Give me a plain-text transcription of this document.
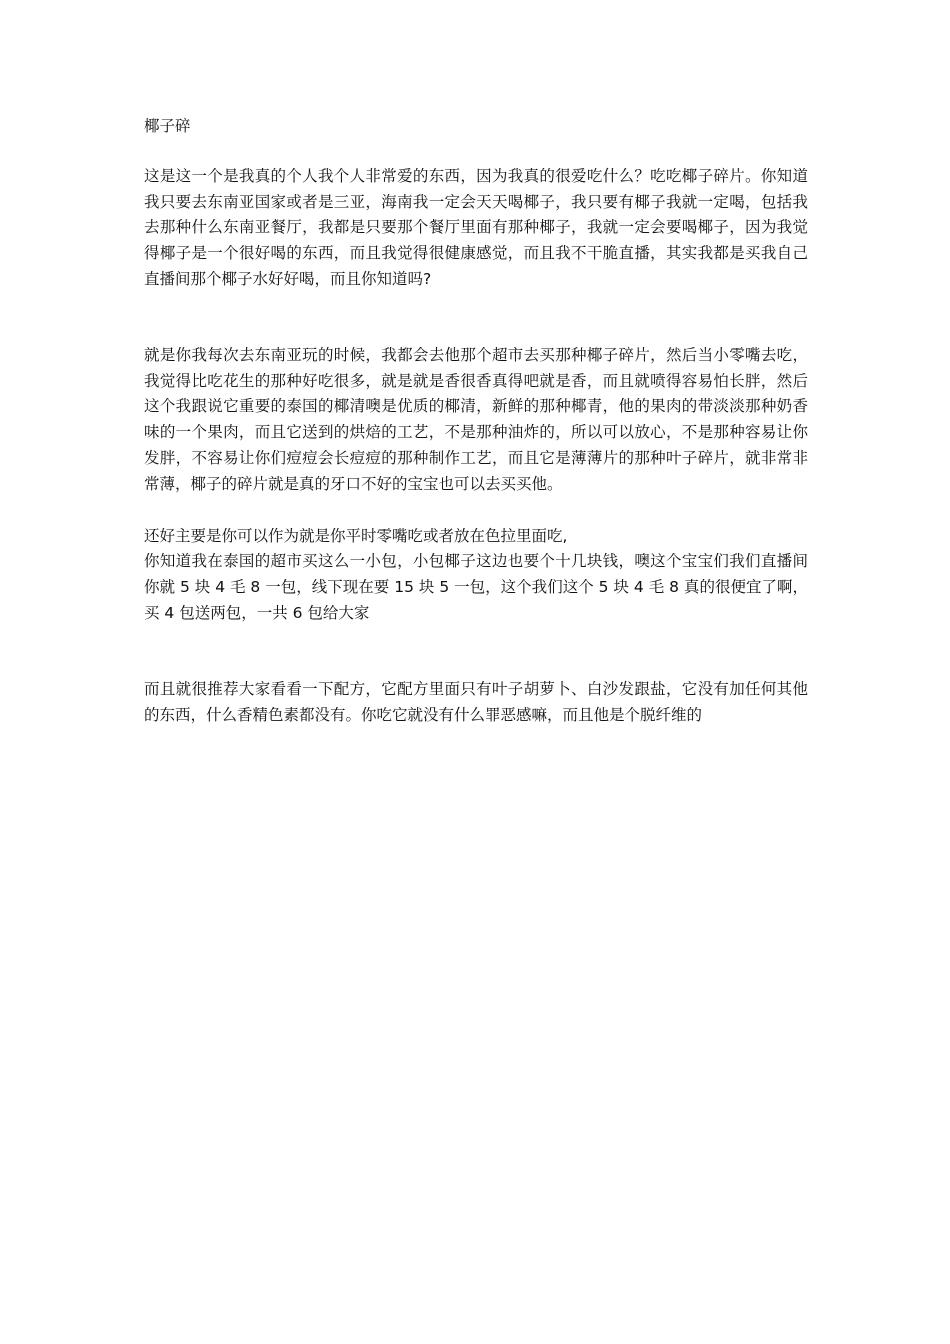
椰子碎

这是这一个是我真的个人我个人非常爱的东西，因为我真的很爱吃什么？吃吃椰子碎片。你知道我只要去东南亚国家或者是三亚，海南我一定会天天喝椰子，我只要有椰子我就一定喝，包括我去那种什么东南亚餐厅，我都是只要那个餐厅里面有那种椰子，我就一定会要喝椰子，因为我觉得椰子是一个很好喝的东西，而且我觉得很健康感觉，而且我不干脆直播，其实我都是买我自己直播间那个椰子水好好喝，而且你知道吗?

就是你我每次去东南亚玩的时候，我都会去他那个超市去买那种椰子碎片，然后当小零嘴去吃，我觉得比吃花生的那种好吃很多，就是就是香很香真得吧就是香，而且就喷得容易怕长胖，然后这个我跟说它重要的泰国的椰清噢是优质的椰清，新鲜的那种椰青，他的果肉的带淡淡那种奶香味的一个果肉，而且它送到的烘焙的工艺，不是那种油炸的，所以可以放心，不是那种容易让你发胖，不容易让你们痘痘会长痘痘的那种制作工艺，而且它是薄薄片的那种叶子碎片，就非常非常薄，椰子的碎片就是真的牙口不好的宝宝也可以去买买他。

还好主要是你可以作为就是你平时零嘴吃或者放在色拉里面吃,

你知道我在泰国的超市买这么一小包，小包椰子这边也要个十几块钱，噢这个宝宝们我们直播间你就 5 块 4 毛 8 一包，线下现在要 15 块 5 一包，这个我们这个 5 块 4 毛 8 真的很便宜了啊，买 4 包送两包，一共 6 包给大家

而且就很推荐大家看看一下配方，它配方里面只有叶子胡萝卜、白沙发跟盐，它没有加任何其他的东西，什么香精色素都没有。你吃它就没有什么罪恶感嘛，而且他是个脱纤维的
